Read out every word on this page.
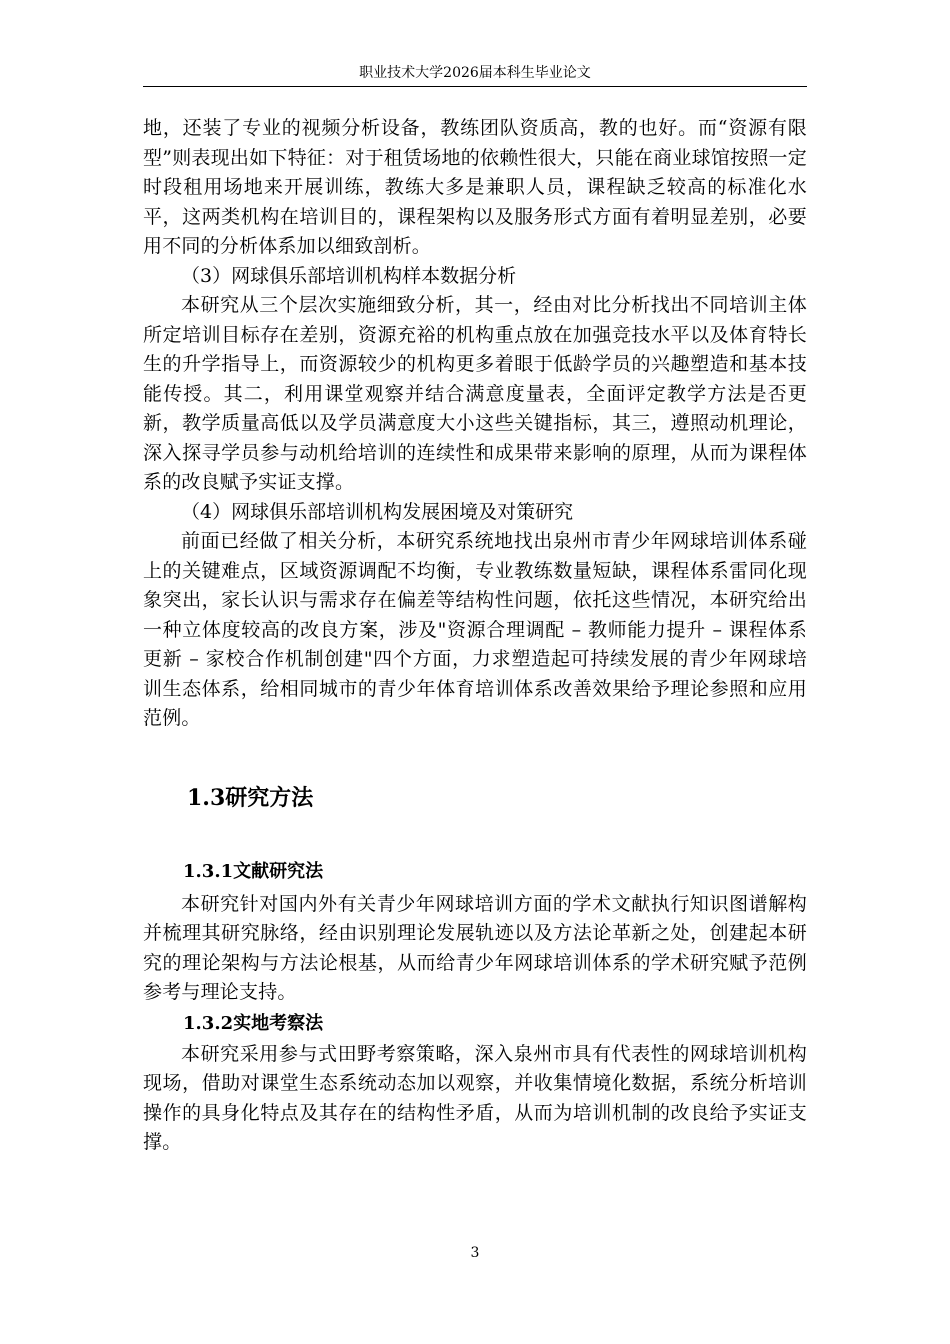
职业技术大学2026届本科生毕业论文

地，还装了专业的视频分析设备，教练团队资质高，教的也好。而“资源有限型”则表现出如下特征：对于租赁场地的依赖性很大，只能在商业球馆按照一定时段租用场地来开展训练，教练大多是兼职人员，课程缺乏较高的标准化水平，这两类机构在培训目的，课程架构以及服务形式方面有着明显差别，必要用不同的分析体系加以细致剖析。

（3）网球俱乐部培训机构样本数据分析

本研究从三个层次实施细致分析，其一，经由对比分析找出不同培训主体所定培训目标存在差别，资源充裕的机构重点放在加强竞技水平以及体育特长生的升学指导上，而资源较少的机构更多着眼于低龄学员的兴趣塑造和基本技能传授。其二，利用课堂观察并结合满意度量表，全面评定教学方法是否更新，教学质量高低以及学员满意度大小这些关键指标，其三，遵照动机理论，深入探寻学员参与动机给培训的连续性和成果带来影响的原理，从而为课程体系的改良赋予实证支撑。

（4）网球俱乐部培训机构发展困境及对策研究

前面已经做了相关分析，本研究系统地找出泉州市青少年网球培训体系碰上的关键难点，区域资源调配不均衡，专业教练数量短缺，课程体系雷同化现象突出，家长认识与需求存在偏差等结构性问题，依托这些情况，本研究给出一种立体度较高的改良方案，涉及"资源合理调配 – 教师能力提升 – 课程体系更新 – 家校合作机制创建"四个方面，力求塑造起可持续发展的青少年网球培训生态体系，给相同城市的青少年体育培训体系改善效果给予理论参照和应用范例。

1.3研究方法
1.3.1文献研究法

本研究针对国内外有关青少年网球培训方面的学术文献执行知识图谱解构并梳理其研究脉络，经由识别理论发展轨迹以及方法论革新之处，创建起本研究的理论架构与方法论根基，从而给青少年网球培训体系的学术研究赋予范例参考与理论支持。

1.3.2实地考察法

本研究采用参与式田野考察策略，深入泉州市具有代表性的网球培训机构现场，借助对课堂生态系统动态加以观察，并收集情境化数据，系统分析培训操作的具身化特点及其存在的结构性矛盾，从而为培训机制的改良给予实证支撑。

3
